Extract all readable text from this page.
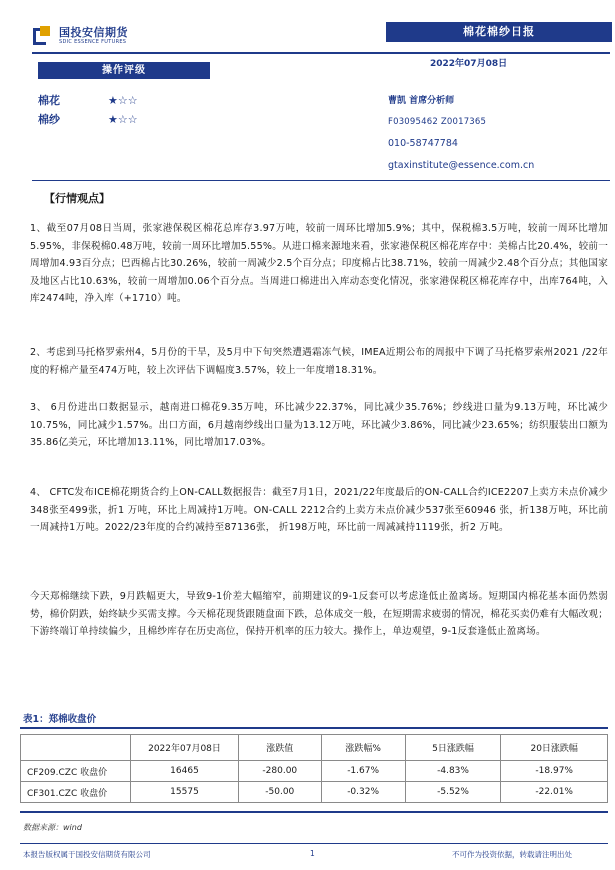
国投安信期货
SDIC ESSENCE FUTURES
棉花棉纱日报
2022年07月08日
操作评级
棉花	★☆☆
棉纱	★☆☆
曹凯 首席分析师
F03095462 Z0017365
010-58747784
gtaxinstitute@essence.com.cn
【行情观点】

1、截至07月08日当周，张家港保税区棉花总库存3.97万吨，较前一周环比增加5.9%；其中，保税棉3.5万吨，较前一周环比增加5.95%，非保税棉0.48万吨，较前一周环比增加5.55%。从进口棉来源地来看，张家港保税区棉花库存中：美棉占比20.4%，较前一周增加4.93百分点；巴西棉占比30.26%，较前一周减少2.5个百分点；印度棉占比38.71%，较前一周减少2.48个百分点；其他国家及地区占比10.63%，较前一周增加0.06个百分点。当周进口棉进出入库动态变化情况，张家港保税区棉花库存中，出库764吨，入库2474吨，净入库（+1710）吨。

2、考虑到马托格罗索州4，5月份的干旱，及5月中下旬突然遭遇霜冻气候，IMEA近期公布的周报中下调了马托格罗索州2021 /22年度的籽棉产量至474万吨，较上次评估下调幅度3.57%，较上一年度增18.31%。

3、 6月份进出口数据显示，越南进口棉花9.35万吨，环比减少22.37%，同比减少35.76%；纱线进口量为9.13万吨，环比减少10.75%，同比减少1.57%。出口方面，6月越南纱线出口量为13.12万吨，环比减少3.86%，同比减少23.65%；纺织服装出口额为35.86亿美元，环比增加13.11%，同比增加17.03%。

4、 CFTC发布ICE棉花期货合约上ON-CALL数据报告：截至7月1日，2021/22年度最后的ON-CALL合约ICE2207上卖方未点价减少348张至499张，折1 万吨，环比上周减持1万吨。ON-CALL 2212合约上卖方未点价减少537张至60946 张，折138万吨，环比前一周减持1万吨。2022/23年度的合约减持至87136张， 折198万吨，环比前一周减减持1119张，折2 万吨。

今天郑棉继续下跌，9月跌幅更大，导致9-1价差大幅缩窄，前期建议的9-1反套可以考虑逢低止盈离场。短期国内棉花基本面仍然弱势，棉价阴跌，始终缺少买需支撑。今天棉花现货跟随盘面下跌，总体成交一般，在短期需求疲弱的情况，棉花买卖仍难有大幅改观；下游终端订单持续偏少，且棉纱库存在历史高位，保持开机率的压力较大。操作上，单边观望，9-1反套逢低止盈离场。

表1：郑棉收盘价
	2022年07月08日	涨跌值	涨跌幅%	5日涨跌幅	20日涨跌幅
CF209.CZC 收盘价	16465	-280.00	-1.67%	-4.83%	-18.97%
CF301.CZC 收盘价	15575	-50.00	-0.32%	-5.52%	-22.01%
数据来源：wind
本报告版权属于国投安信期货有限公司	1	不可作为投资依据，转载请注明出处
